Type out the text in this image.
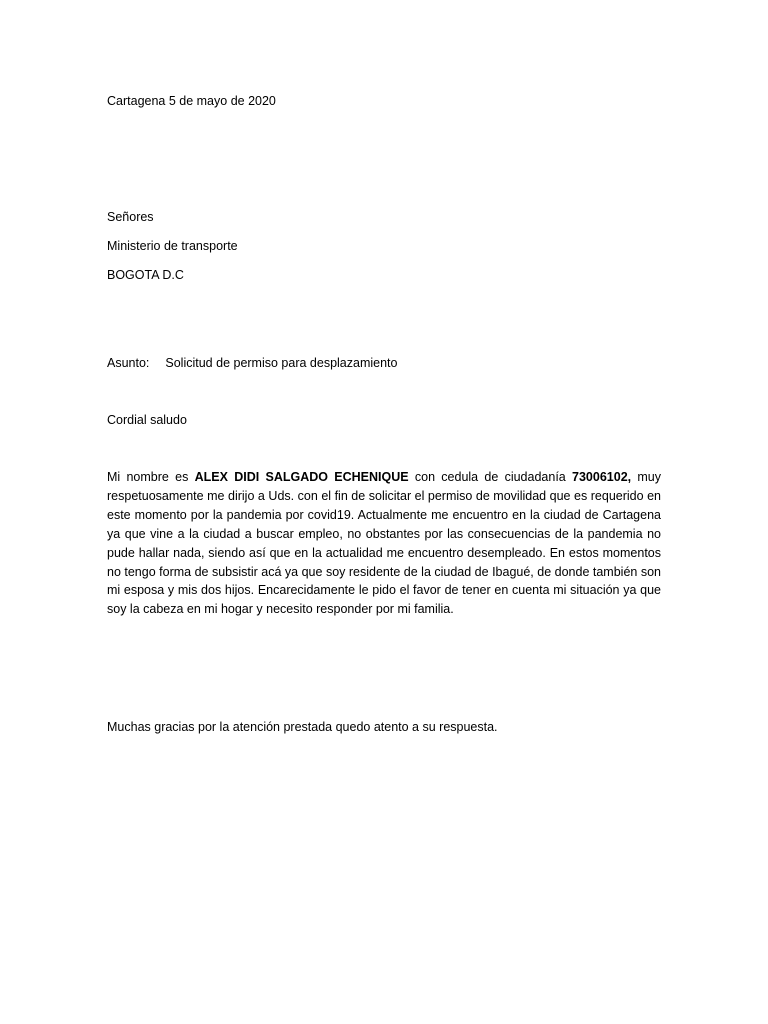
Cartagena 5 de mayo de 2020
Señores
Ministerio de transporte
BOGOTA D.C
Asunto: Solicitud de permiso para desplazamiento
Cordial saludo

Mi nombre es ALEX DIDI SALGADO ECHENIQUE con cedula de ciudadanía 73006102, muy respetuosamente me dirijo a Uds. con el fin de solicitar el permiso de movilidad que es requerido en este momento por la pandemia por covid19. Actualmente me encuentro en la ciudad de Cartagena ya que vine a la ciudad a buscar empleo, no obstantes por las consecuencias de la pandemia no pude hallar nada, siendo así que en la actualidad me encuentro desempleado. En estos momentos no tengo forma de subsistir acá ya que soy residente de la ciudad de Ibagué, de donde también son mi esposa y mis dos hijos. Encarecidamente le pido el favor de tener en cuenta mi situación ya que soy la cabeza en mi hogar y necesito responder por mi familia.

Muchas gracias por la atención prestada quedo atento a su respuesta.
